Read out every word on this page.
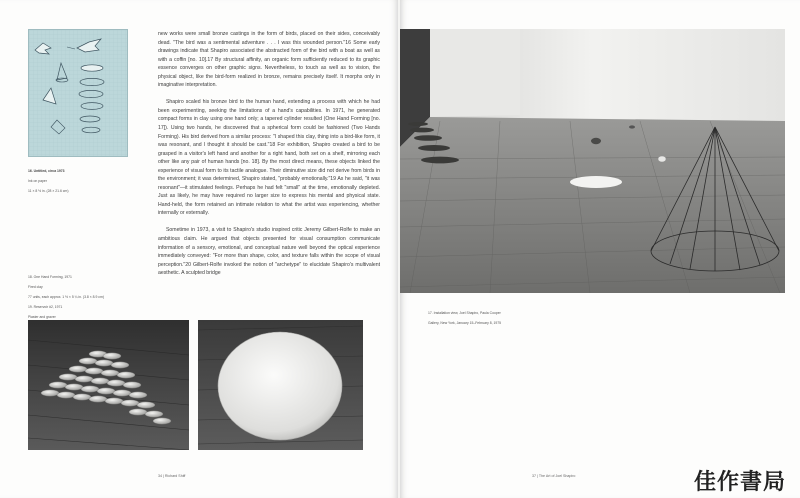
16. Untitled, circa 1973

Ink on paper

11 × 8 ½ in. (28 × 21.6 cm)

18. One Hand Forming, 1971

Fired clay

77 units, each approx. 1 ½ × 5 ¼ in. (3.8 × 8.9 cm)

19. Reservoir #2, 1971

Plaster and graver

new works were small bronze castings in the form of birds, placed on their sides, conceivably dead. "The bird was a sentimental adventure . . . I was this wounded person."16 Some early drawings indicate that Shapiro associated the abstracted form of the bird with a boat as well as with a coffin [no. 10].17 By structural affinity, an organic form sufficiently reduced to its graphic essence converges on other graphic signs. Nevertheless, to touch as well as to vision, the physical object, like the bird-form realized in bronze, remains precisely itself. It morphs only in imaginative interpretation.

Shapiro scaled his bronze bird to the human hand, extending a process with which he had been experimenting, seeking the limitations of a hand's capabilities. In 1971, he generated compact forms in clay using one hand only; a tapered cylinder resulted (One Hand Forming [no. 17]). Using two hands, he discovered that a spherical form could be fashioned (Two Hands Forming). His bird derived from a similar process: "I shaped this clay, thing into a bird-like form, it was resonant, and I thought it should be cast."18 For exhibition, Shapiro created a bird to be grasped in a visitor's left hand and another for a right hand, both set on a shelf, mirroring each other like any pair of human hands [no. 18]. By the most direct means, these objects linked the experience of visual form to its tactile analogue. Their diminutive size did not derive from birds in the environment; it was determined, Shapiro stated, "probably emotionally."19 As he said, "it was resonant"—it stimulated feelings. Perhaps he had felt "small" at the time, emotionally depleted. Just as likely, he may have required no larger size to express his mental and physical state. Hand-held, the form retained an intimate relation to what the artist was experiencing, whether internally or externally.

Sometime in 1973, a visit to Shapiro's studio inspired critic Jeremy Gilbert-Rolfe to make an ambitious claim. He argued that objects presented for visual consumption communicate information of a sensory, emotional, and conceptual nature well beyond the optical experience immediately conveyed: "For more than shape, color, and texture falls within the scope of visual perception."20 Gilbert-Rolfe invoked the notion of "archetype" to elucidate Shapiro's multivalent aesthetic. A sculpted bridge

34 | Richard Shiff

17. Installation view, Joel Shapiro, Paula Cooper

Gallery, New York, January 15–February 8, 1975

37 | The Art of Joel Shapiro	佳作書局
